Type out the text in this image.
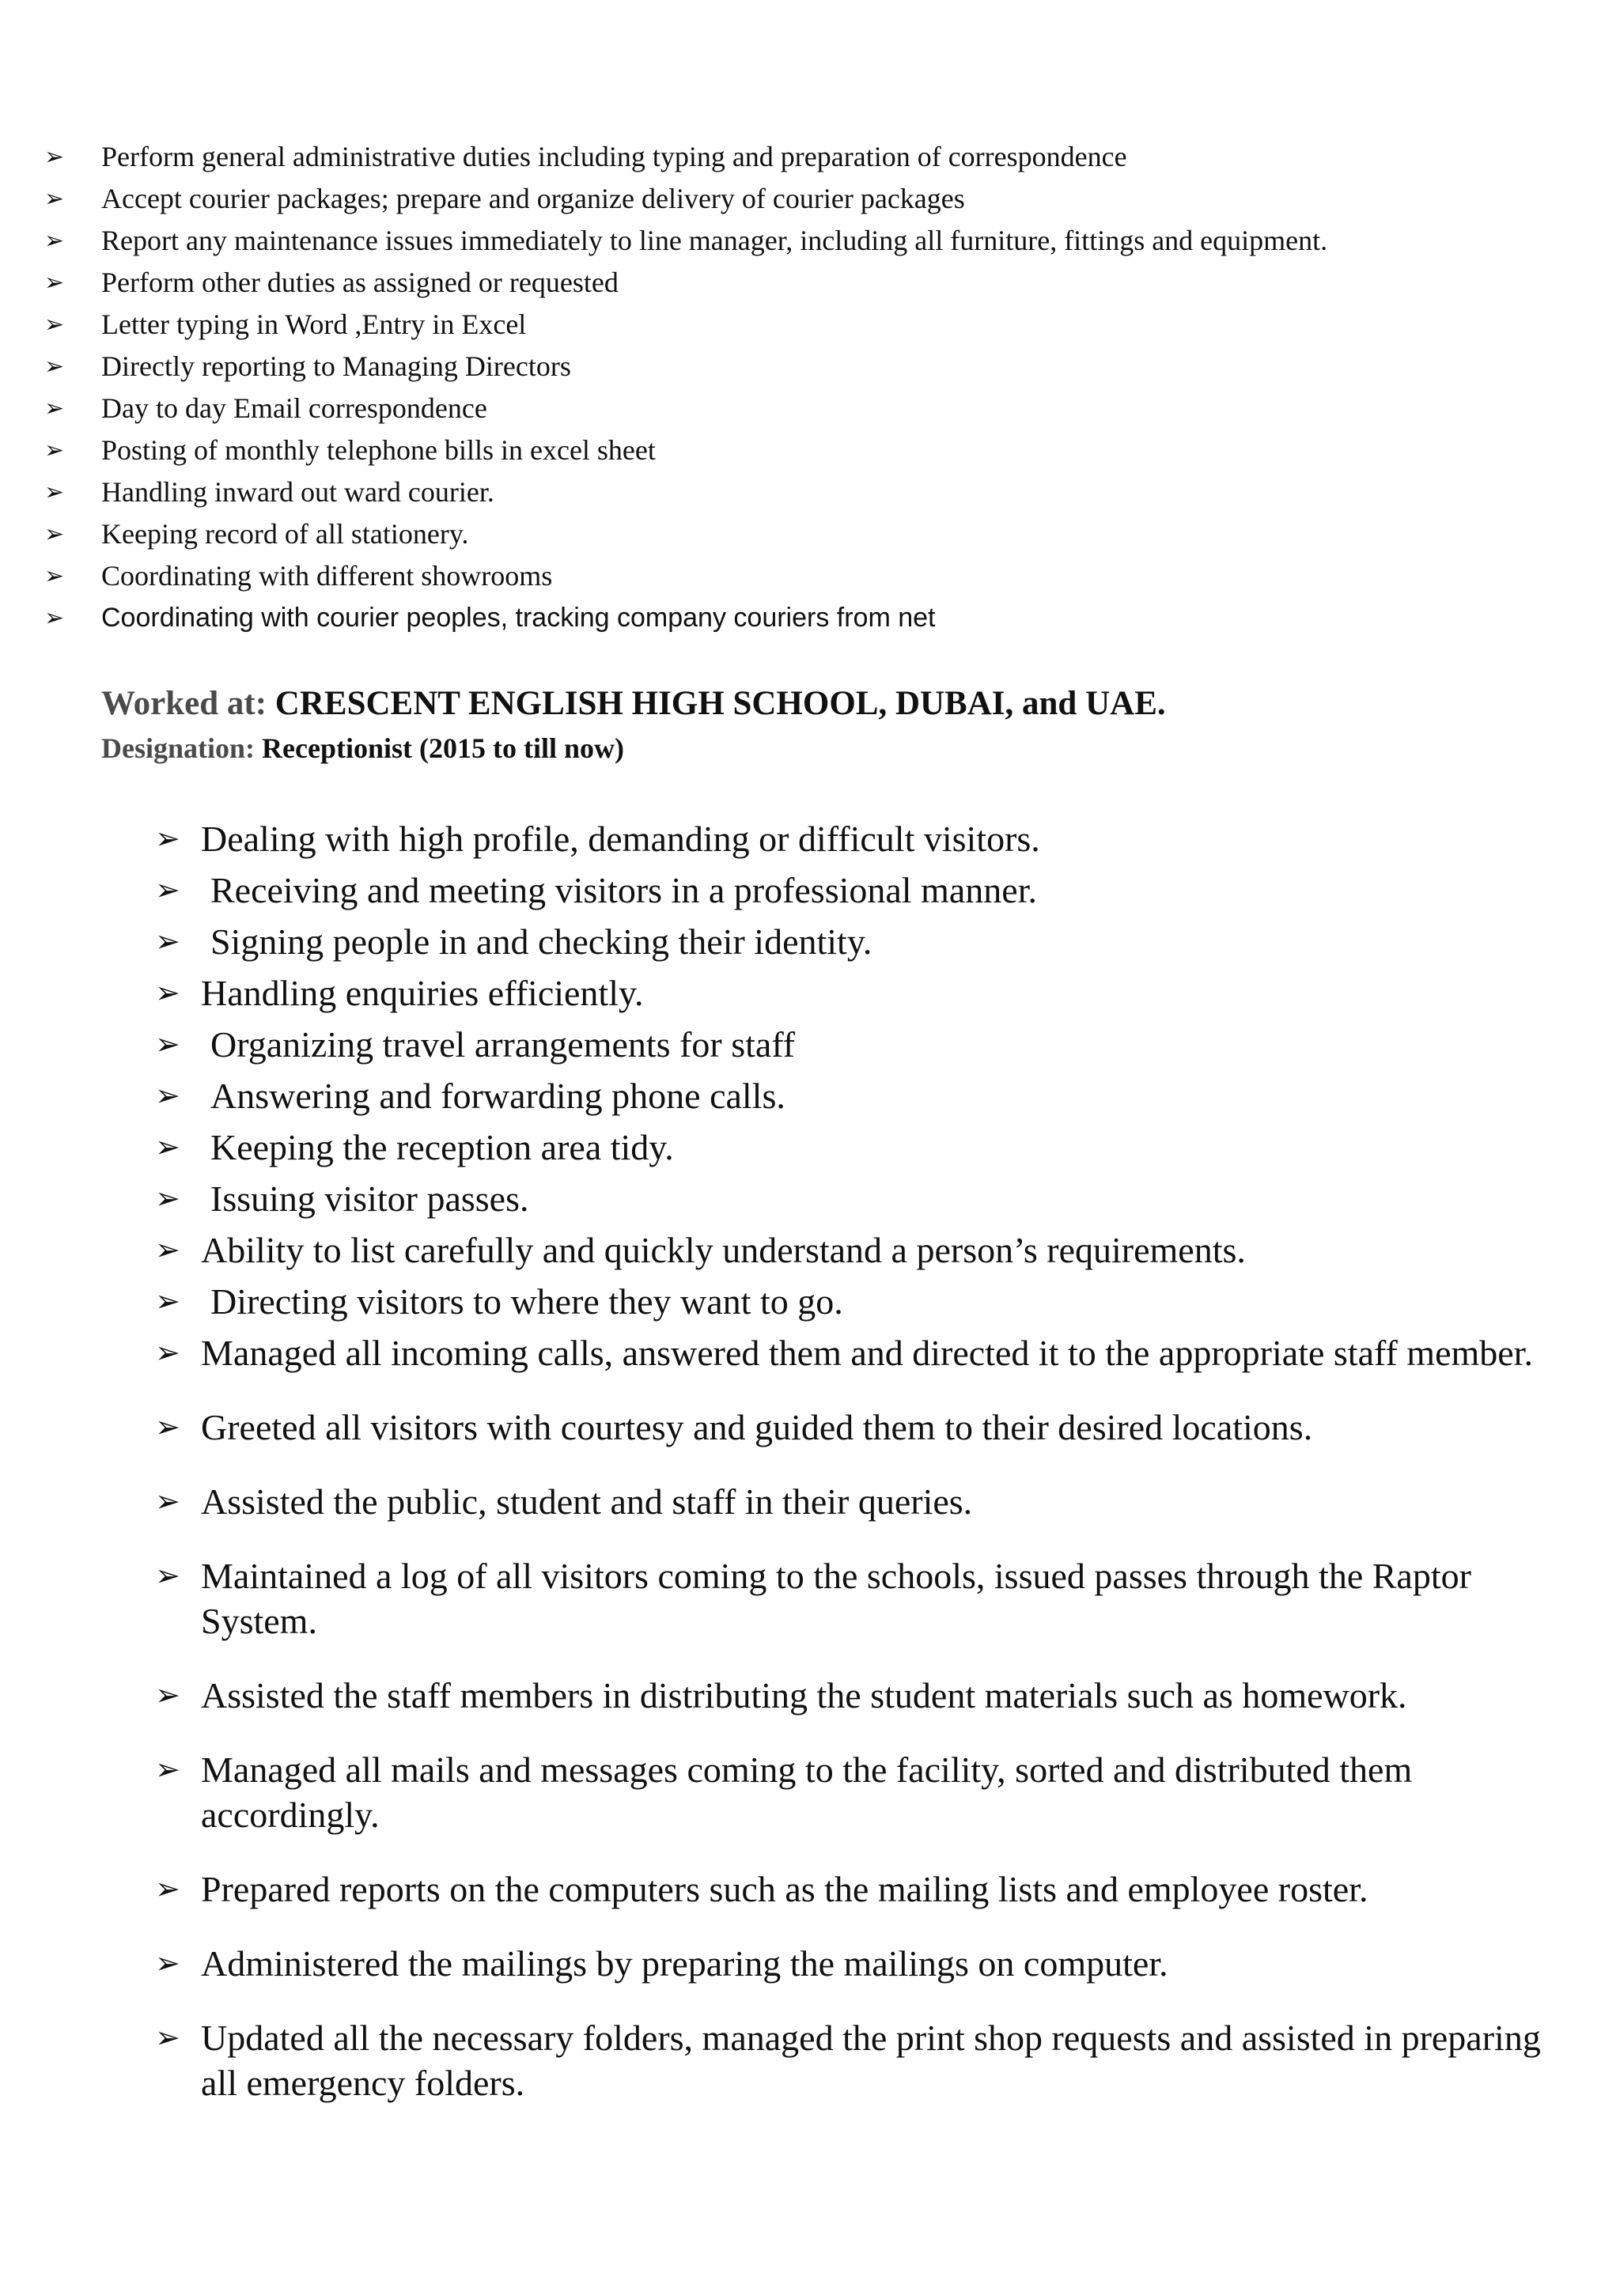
➢	Perform general administrative duties including typing and preparation of correspondence
➢	Accept courier packages; prepare and organize delivery of courier packages
➢	Report any maintenance issues immediately to line manager, including all furniture, fittings and equipment.
➢	Perform other duties as assigned or requested
➢	Letter typing in Word ,Entry in Excel
➢	Directly reporting to Managing Directors
➢	Day to day Email correspondence
➢	Posting of monthly telephone bills in excel sheet
➢	Handling inward out ward courier.
➢	Keeping record of all stationery.
➢	Coordinating with different showrooms
➢	Coordinating with courier peoples, tracking company couriers from net
Worked at: CRESCENT ENGLISH HIGH SCHOOL, DUBAI, and UAE.
Designation: Receptionist (2015 to till now)
➢ Dealing with high profile, demanding or difficult visitors.
➢ Receiving and meeting visitors in a professional manner.
➢ Signing people in and checking their identity.
➢ Handling enquiries efficiently.
➢ Organizing travel arrangements for staff
➢ Answering and forwarding phone calls.
➢ Keeping the reception area tidy.
➢ Issuing visitor passes.
➢ Ability to list carefully and quickly understand a person’s requirements.
➢ Directing visitors to where they want to go.
➢ Managed all incoming calls, answered them and directed it to the appropriate staff member.
➢ Greeted all visitors with courtesy and guided them to their desired locations.
➢ Assisted the public, student and staff in their queries.
➢ Maintained a log of all visitors coming to the schools, issued passes through the Raptor System.
➢ Assisted the staff members in distributing the student materials such as homework.
➢ Managed all mails and messages coming to the facility, sorted and distributed them accordingly.
➢ Prepared reports on the computers such as the mailing lists and employee roster.
➢ Administered the mailings by preparing the mailings on computer.
➢ Updated all the necessary folders, managed the print shop requests and assisted in preparing all emergency folders.
